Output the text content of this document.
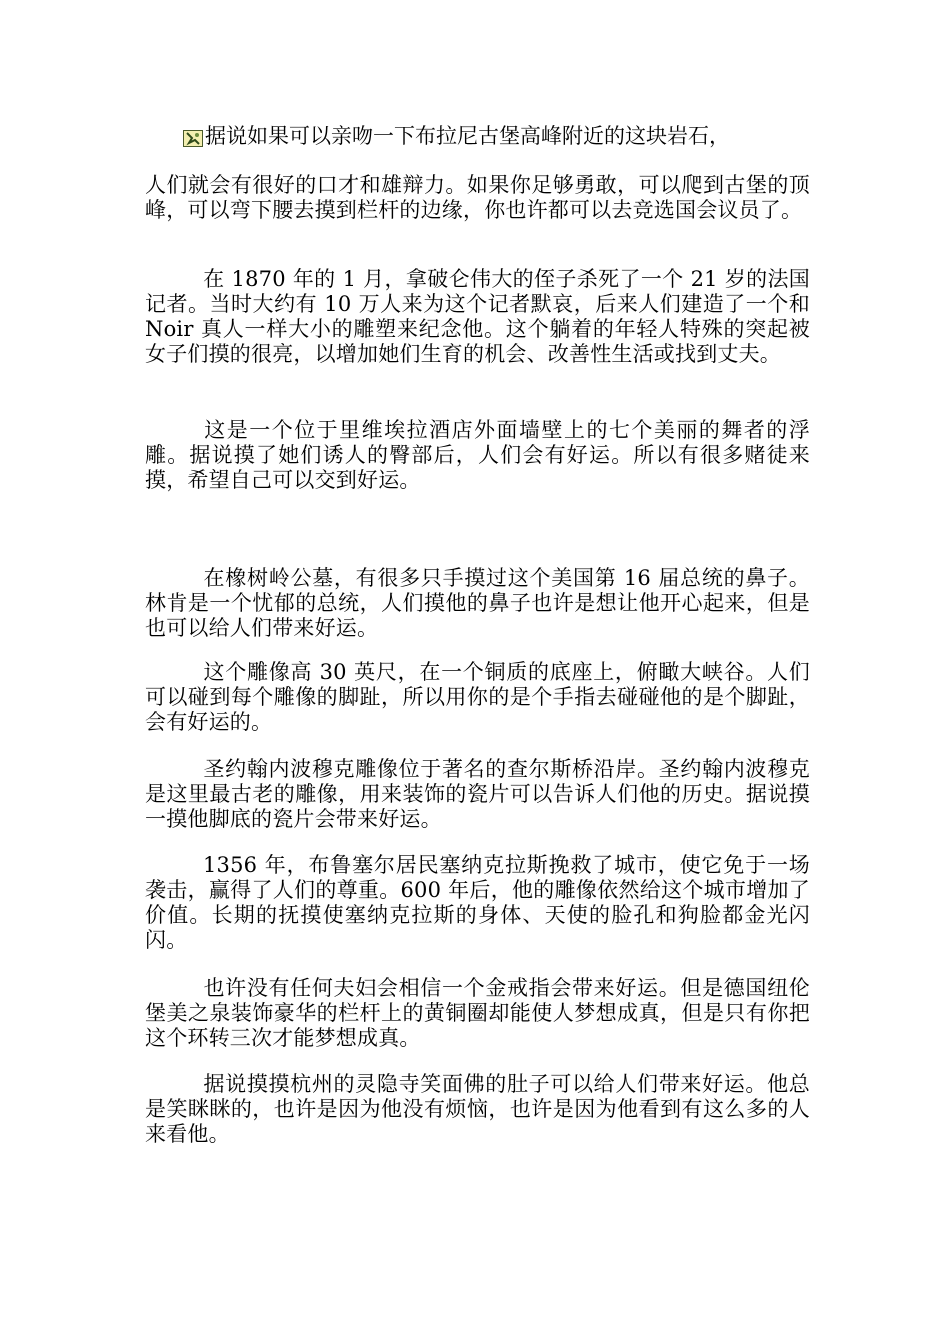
据说如果可以亲吻一下布拉尼古堡高峰附近的这块岩石，

人们就会有很好的口才和雄辩力。如果你足够勇敢，可以爬到古堡的顶峰，可以弯下腰去摸到栏杆的边缘，你也许都可以去竞选国会议员了。

在 1870 年的 1 月，拿破仑伟大的侄子杀死了一个 21 岁的法国记者。当时大约有 10 万人来为这个记者默哀，后来人们建造了一个和 Noir 真人一样大小的雕塑来纪念他。这个躺着的年轻人特殊的突起被女子们摸的很亮，以增加她们生育的机会、改善性生活或找到丈夫。

这是一个位于里维埃拉酒店外面墙壁上的七个美丽的舞者的浮雕。据说摸了她们诱人的臀部后，人们会有好运。所以有很多赌徒来摸，希望自己可以交到好运。

在橡树岭公墓，有很多只手摸过这个美国第 16 届总统的鼻子。林肯是一个忧郁的总统，人们摸他的鼻子也许是想让他开心起来，但是也可以给人们带来好运。

这个雕像高 30 英尺，在一个铜质的底座上，俯瞰大峡谷。人们可以碰到每个雕像的脚趾，所以用你的是个手指去碰碰他的是个脚趾，会有好运的。

圣约翰内波穆克雕像位于著名的查尔斯桥沿岸。圣约翰内波穆克是这里最古老的雕像，用来装饰的瓷片可以告诉人们他的历史。据说摸一摸他脚底的瓷片会带来好运。

1356 年，布鲁塞尔居民塞纳克拉斯挽救了城市，使它免于一场袭击，赢得了人们的尊重。600 年后，他的雕像依然给这个城市增加了价值。长期的抚摸使塞纳克拉斯的身体、天使的脸孔和狗脸都金光闪闪。

也许没有任何夫妇会相信一个金戒指会带来好运。但是德国纽伦堡美之泉装饰豪华的栏杆上的黄铜圈却能使人梦想成真，但是只有你把这个环转三次才能梦想成真。

据说摸摸杭州的灵隐寺笑面佛的肚子可以给人们带来好运。他总是笑眯眯的，也许是因为他没有烦恼，也许是因为他看到有这么多的人来看他。
